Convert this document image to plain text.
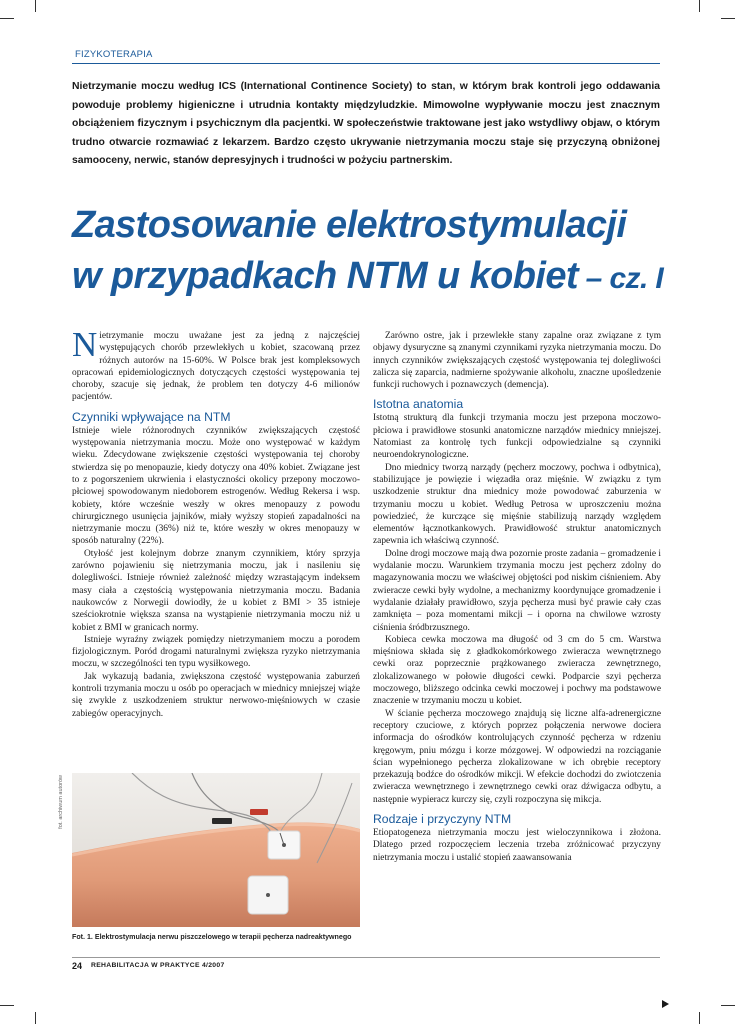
FIZYKOTERAPIA
Nietrzymanie moczu według ICS (International Continence Society) to stan, w którym brak kontroli jego oddawania powoduje problemy higieniczne i utrudnia kontakty międzyludzkie. Mimowolne wypływanie moczu jest znacznym obciążeniem fizycznym i psychicznym dla pacjentki. W społeczeństwie traktowane jest jako wstydliwy objaw, o którym trudno otwarcie rozmawiać z lekarzem. Bardzo często ukrywanie nietrzymania moczu staje się przyczyną obniżonej samooceny, nerwic, stanów depresyjnych i trudności w pożyciu partnerskim.
Zastosowanie elektrostymulacji
w przypadkach NTM u kobiet – cz. I

Nietrzymanie moczu uważane jest za jedną z najczęściej występujących chorób przewlekłych u kobiet, szacowaną przez różnych autorów na 15-60%. W Polsce brak jest kompleksowych opracowań epidemiologicznych dotyczących częstości występowania tej choroby, szacuje się jednak, że problem ten dotyczy 4-6 milionów pacjentów.

Czynniki wpływające na NTM

Istnieje wiele różnorodnych czynników zwiększających częstość występowania nietrzymania moczu. Może ono występować w każdym wieku. Zdecydowane zwiększenie częstości występowania tej choroby stwierdza się po menopauzie, kiedy dotyczy ona 40% kobiet. Związane jest to z pogorszeniem ukrwienia i elastyczności okolicy przepony moczowo-płciowej spowodowanym niedoborem estrogenów. Według Rekersa i wsp. kobiety, które wcześnie weszły w okres menopauzy z powodu chirurgicznego usunięcia jajników, miały wyższy stopień zapadalności na nietrzymanie moczu (36%) niż te, które weszły w okres menopauzy w sposób naturalny (22%).

Otyłość jest kolejnym dobrze znanym czynnikiem, który sprzyja zarówno pojawieniu się nietrzymania moczu, jak i nasileniu się dolegliwości. Istnieje również zależność między wzrastającym indeksem masy ciała a częstością występowania nietrzymania moczu. Badania naukowców z Norwegii dowiodły, że u kobiet z BMI > 35 istnieje sześciokrotnie większa szansa na wystąpienie nietrzymania moczu niż u kobiet z BMI w granicach normy.

Istnieje wyraźny związek pomiędzy nietrzymaniem moczu a porodem fizjologicznym. Poród drogami naturalnymi zwiększa ryzyko nietrzymania moczu, w szczególności ten typu wysiłkowego.

Jak wykazują badania, zwiększona częstość występowania zaburzeń kontroli trzymania moczu u osób po operacjach w miednicy mniejszej wiąże się zwykle z uszkodzeniem struktur nerwowo-mięśniowych w czasie zabiegów operacyjnych.

Zarówno ostre, jak i przewlekłe stany zapalne oraz związane z tym objawy dysuryczne są znanymi czynnikami ryzyka nietrzymania moczu. Do innych czynników zwiększających częstość występowania tej dolegliwości zalicza się zaparcia, nadmierne spożywanie alkoholu, znaczne upośledzenie funkcji ruchowych i poznawczych (demencja).

Istotna anatomia

Istotną strukturą dla funkcji trzymania moczu jest przepona moczowo-płciowa i prawidłowe stosunki anatomiczne narządów miednicy mniejszej. Natomiast za kontrolę tych funkcji odpowiedzialne są czynniki neuroendokrynologiczne.

Dno miednicy tworzą narządy (pęcherz moczowy, pochwa i odbytnica), stabilizujące je powięzie i więzadła oraz mięśnie. W związku z tym uszkodzenie struktur dna miednicy może powodować zaburzenia w trzymaniu moczu u kobiet. Według Petrosa w uproszczeniu można powiedzieć, że kurczące się mięśnie stabilizują narządy względem elementów łącznotkankowych. Prawidłowość struktur anatomicznych zapewnia ich właściwą czynność.

Dolne drogi moczowe mają dwa pozornie proste zadania – gromadzenie i wydalanie moczu. Warunkiem trzymania moczu jest pęcherz zdolny do magazynowania moczu we właściwej objętości pod niskim ciśnieniem. Aby zwieracze cewki były wydolne, a mechanizmy koordynujące gromadzenie i wydalanie działały prawidłowo, szyja pęcherza musi być prawie cały czas zamknięta – poza momentami mikcji – i oporna na chwilowe wzrosty ciśnienia śródbrzusznego.

Kobieca cewka moczowa ma długość od 3 cm do 5 cm. Warstwa mięśniowa składa się z gładkokomórkowego zwieracza wewnętrznego cewki oraz poprzecznie prążkowanego zwieracza zewnętrznego, zlokalizowanego w połowie długości cewki. Podparcie szyi pęcherza moczowego, bliższego odcinka cewki moczowej i pochwy ma podstawowe znaczenie w trzymaniu moczu u kobiet.

W ścianie pęcherza moczowego znajdują się liczne alfa-adrenergiczne receptory czuciowe, z których poprzez połączenia nerwowe dociera informacja do ośrodków kontrolujących czynność pęcherza w rdzeniu kręgowym, pniu mózgu i korze mózgowej. W odpowiedzi na rozciąganie ścian wypełnionego pęcherza zlokalizowane w ich obrębie receptory przekazują bodźce do ośrodków mikcji. W efekcie dochodzi do zwiotczenia zwieracza wewnętrznego i zewnętrznego cewki oraz dźwigacza odbytu, a następnie wypieracz kurczy się, czyli rozpoczyna się mikcja.

Rodzaje i przyczyny NTM

Etiopatogeneza nietrzymania moczu jest wieloczynnikowa i złożona. Dlatego przed rozpoczęciem leczenia trzeba zróżnicować przyczyny nietrzymania moczu i ustalić stopień zaawansowania

fot. archiwum autorów
Fot. 1. Elektrostymulacja nerwu piszczelowego w terapii pęcherza nadreaktywnego
24 REHABILITACJA W PRAKTYCE 4/2007
